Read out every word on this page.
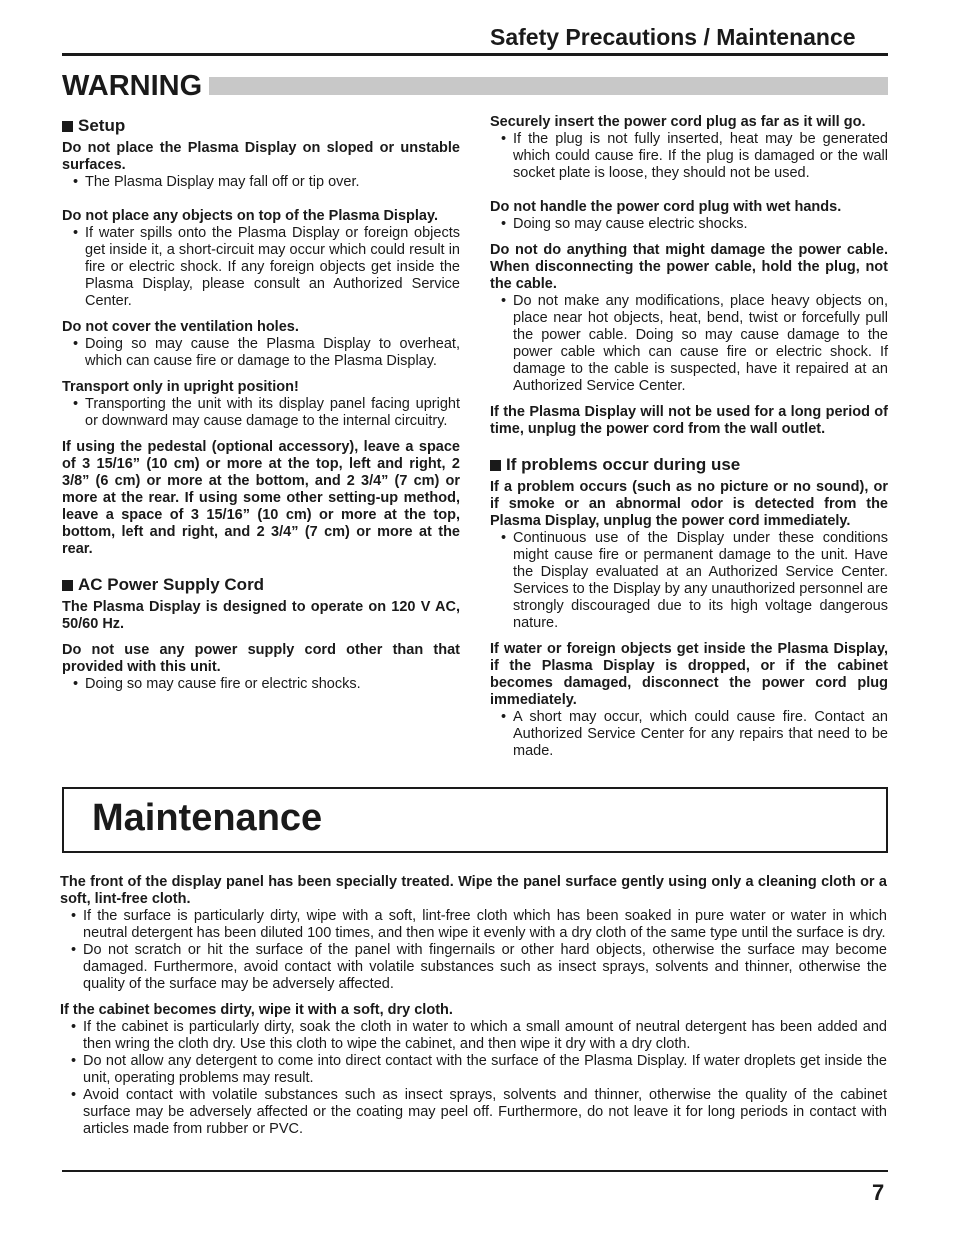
Safety Precautions / Maintenance
WARNING
Setup
Do not place the Plasma Display on sloped or unstable surfaces.
• The Plasma Display may fall off or tip over.
Do not place any objects on top of the Plasma Display.
• If water spills onto the Plasma Display or foreign objects get inside it, a short-circuit may occur which could result in fire or electric shock. If any foreign objects get inside the Plasma Display, please consult an Authorized Service Center.
Do not cover the ventilation holes.
• Doing so may cause the Plasma Display to overheat, which can cause fire or damage to the Plasma Display.
Transport only in upright position!
• Transporting the unit with its display panel facing upright or downward may cause damage to the internal circuitry.
If using the pedestal (optional accessory), leave a space of 3 15/16” (10 cm) or more at the top, left and right, 2 3/8” (6 cm) or more at the bottom, and 2 3/4” (7 cm) or more at the rear. If using some other setting-up method, leave a space of 3 15/16” (10 cm) or more at the top, bottom, left and right, and 2 3/4” (7 cm) or more at the rear.
AC Power Supply Cord
The Plasma Display is designed to operate on 120 V AC, 50/60 Hz.
Do not use any power supply cord other than that provided with this unit.
• Doing so may cause fire or electric shocks.
Securely insert the power cord plug as far as it will go.
• If the plug is not fully inserted, heat may be generated which could cause fire. If the plug is damaged or the wall socket plate is loose, they should not be used.
Do not handle the power cord plug with wet hands.
• Doing so may cause electric shocks.
Do not do anything that might damage the power cable. When disconnecting the power cable, hold the plug, not the cable.
• Do not make any modifications, place heavy objects on, place near hot objects, heat, bend, twist or forcefully pull the power cable. Doing so may cause damage to the power cable which can cause fire or electric shock. If damage to the cable is suspected, have it repaired at an Authorized Service Center.
If the Plasma Display will not be used for a long period of time, unplug the power cord from the wall outlet.
If problems occur during use
If a problem occurs (such as no picture or no sound), or if smoke or an abnormal odor is detected from the Plasma Display, unplug the power cord immediately.
• Continuous use of the Display under these conditions might cause fire or permanent damage to the unit. Have the Display evaluated at an Authorized Service Center. Services to the Display by any unauthorized personnel are strongly discouraged due to its high voltage dangerous nature.
If water or foreign objects get inside the Plasma Display, if the Plasma Display is dropped, or if the cabinet becomes damaged, disconnect the power cord plug immediately.
• A short may occur, which could cause fire. Contact an Authorized Service Center for any repairs that need to be made.
Maintenance
The front of the display panel has been specially treated. Wipe the panel surface gently using only a cleaning cloth or a soft, lint-free cloth.
• If the surface is particularly dirty, wipe with a soft, lint-free cloth which has been soaked in pure water or water in which neutral detergent has been diluted 100 times, and then wipe it evenly with a dry cloth of the same type until the surface is dry.
• Do not scratch or hit the surface of the panel with fingernails or other hard objects, otherwise the surface may become damaged. Furthermore, avoid contact with volatile substances such as insect sprays, solvents and thinner, otherwise the quality of the surface may be adversely affected.
If the cabinet becomes dirty, wipe it with a soft, dry cloth.
• If the cabinet is particularly dirty, soak the cloth in water to which a small amount of neutral detergent has been added and then wring the cloth dry. Use this cloth to wipe the cabinet, and then wipe it dry with a dry cloth.
• Do not allow any detergent to come into direct contact with the surface of the Plasma Display. If water droplets get inside the unit, operating problems may result.
• Avoid contact with volatile substances such as insect sprays, solvents and thinner, otherwise the quality of the cabinet surface may be adversely affected or the coating may peel off. Furthermore, do not leave it for long periods in contact with articles made from rubber or PVC.
7
